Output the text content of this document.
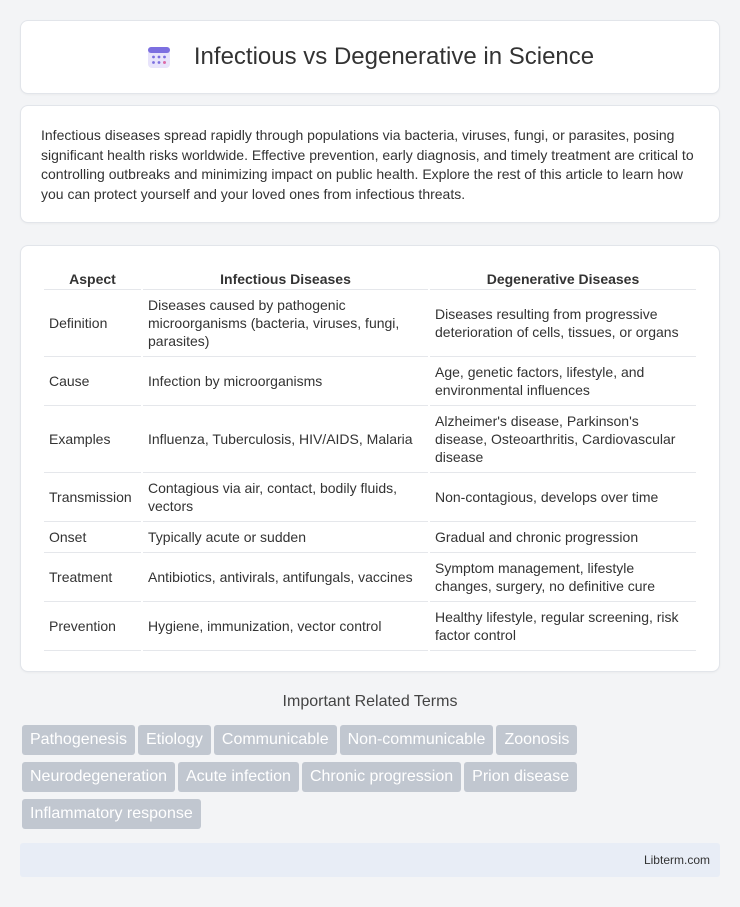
Infectious vs Degenerative in Science

Infectious diseases spread rapidly through populations via bacteria, viruses, fungi, or parasites, posing significant health risks worldwide. Effective prevention, early diagnosis, and timely treatment are critical to controlling outbreaks and minimizing impact on public health. Explore the rest of this article to learn how you can protect yourself and your loved ones from infectious threats.

Aspect	Infectious Diseases	Degenerative Diseases
Definition	Diseases caused by pathogenic microorganisms (bacteria, viruses, fungi, parasites)	Diseases resulting from progressive deterioration of cells, tissues, or organs
Cause	Infection by microorganisms	Age, genetic factors, lifestyle, and environmental influences
Examples	Influenza, Tuberculosis, HIV/AIDS, Malaria	Alzheimer's disease, Parkinson's disease, Osteoarthritis, Cardiovascular disease
Transmission	Contagious via air, contact, bodily fluids, vectors	Non-contagious, develops over time
Onset	Typically acute or sudden	Gradual and chronic progression
Treatment	Antibiotics, antivirals, antifungals, vaccines	Symptom management, lifestyle changes, surgery, no definitive cure
Prevention	Hygiene, immunization, vector control	Healthy lifestyle, regular screening, risk factor control
Important Related Terms
Pathogenesis Etiology Communicable Non-communicable Zoonosis
Neurodegeneration Acute infection Chronic progression Prion disease
Inflammatory response
Libterm.com
